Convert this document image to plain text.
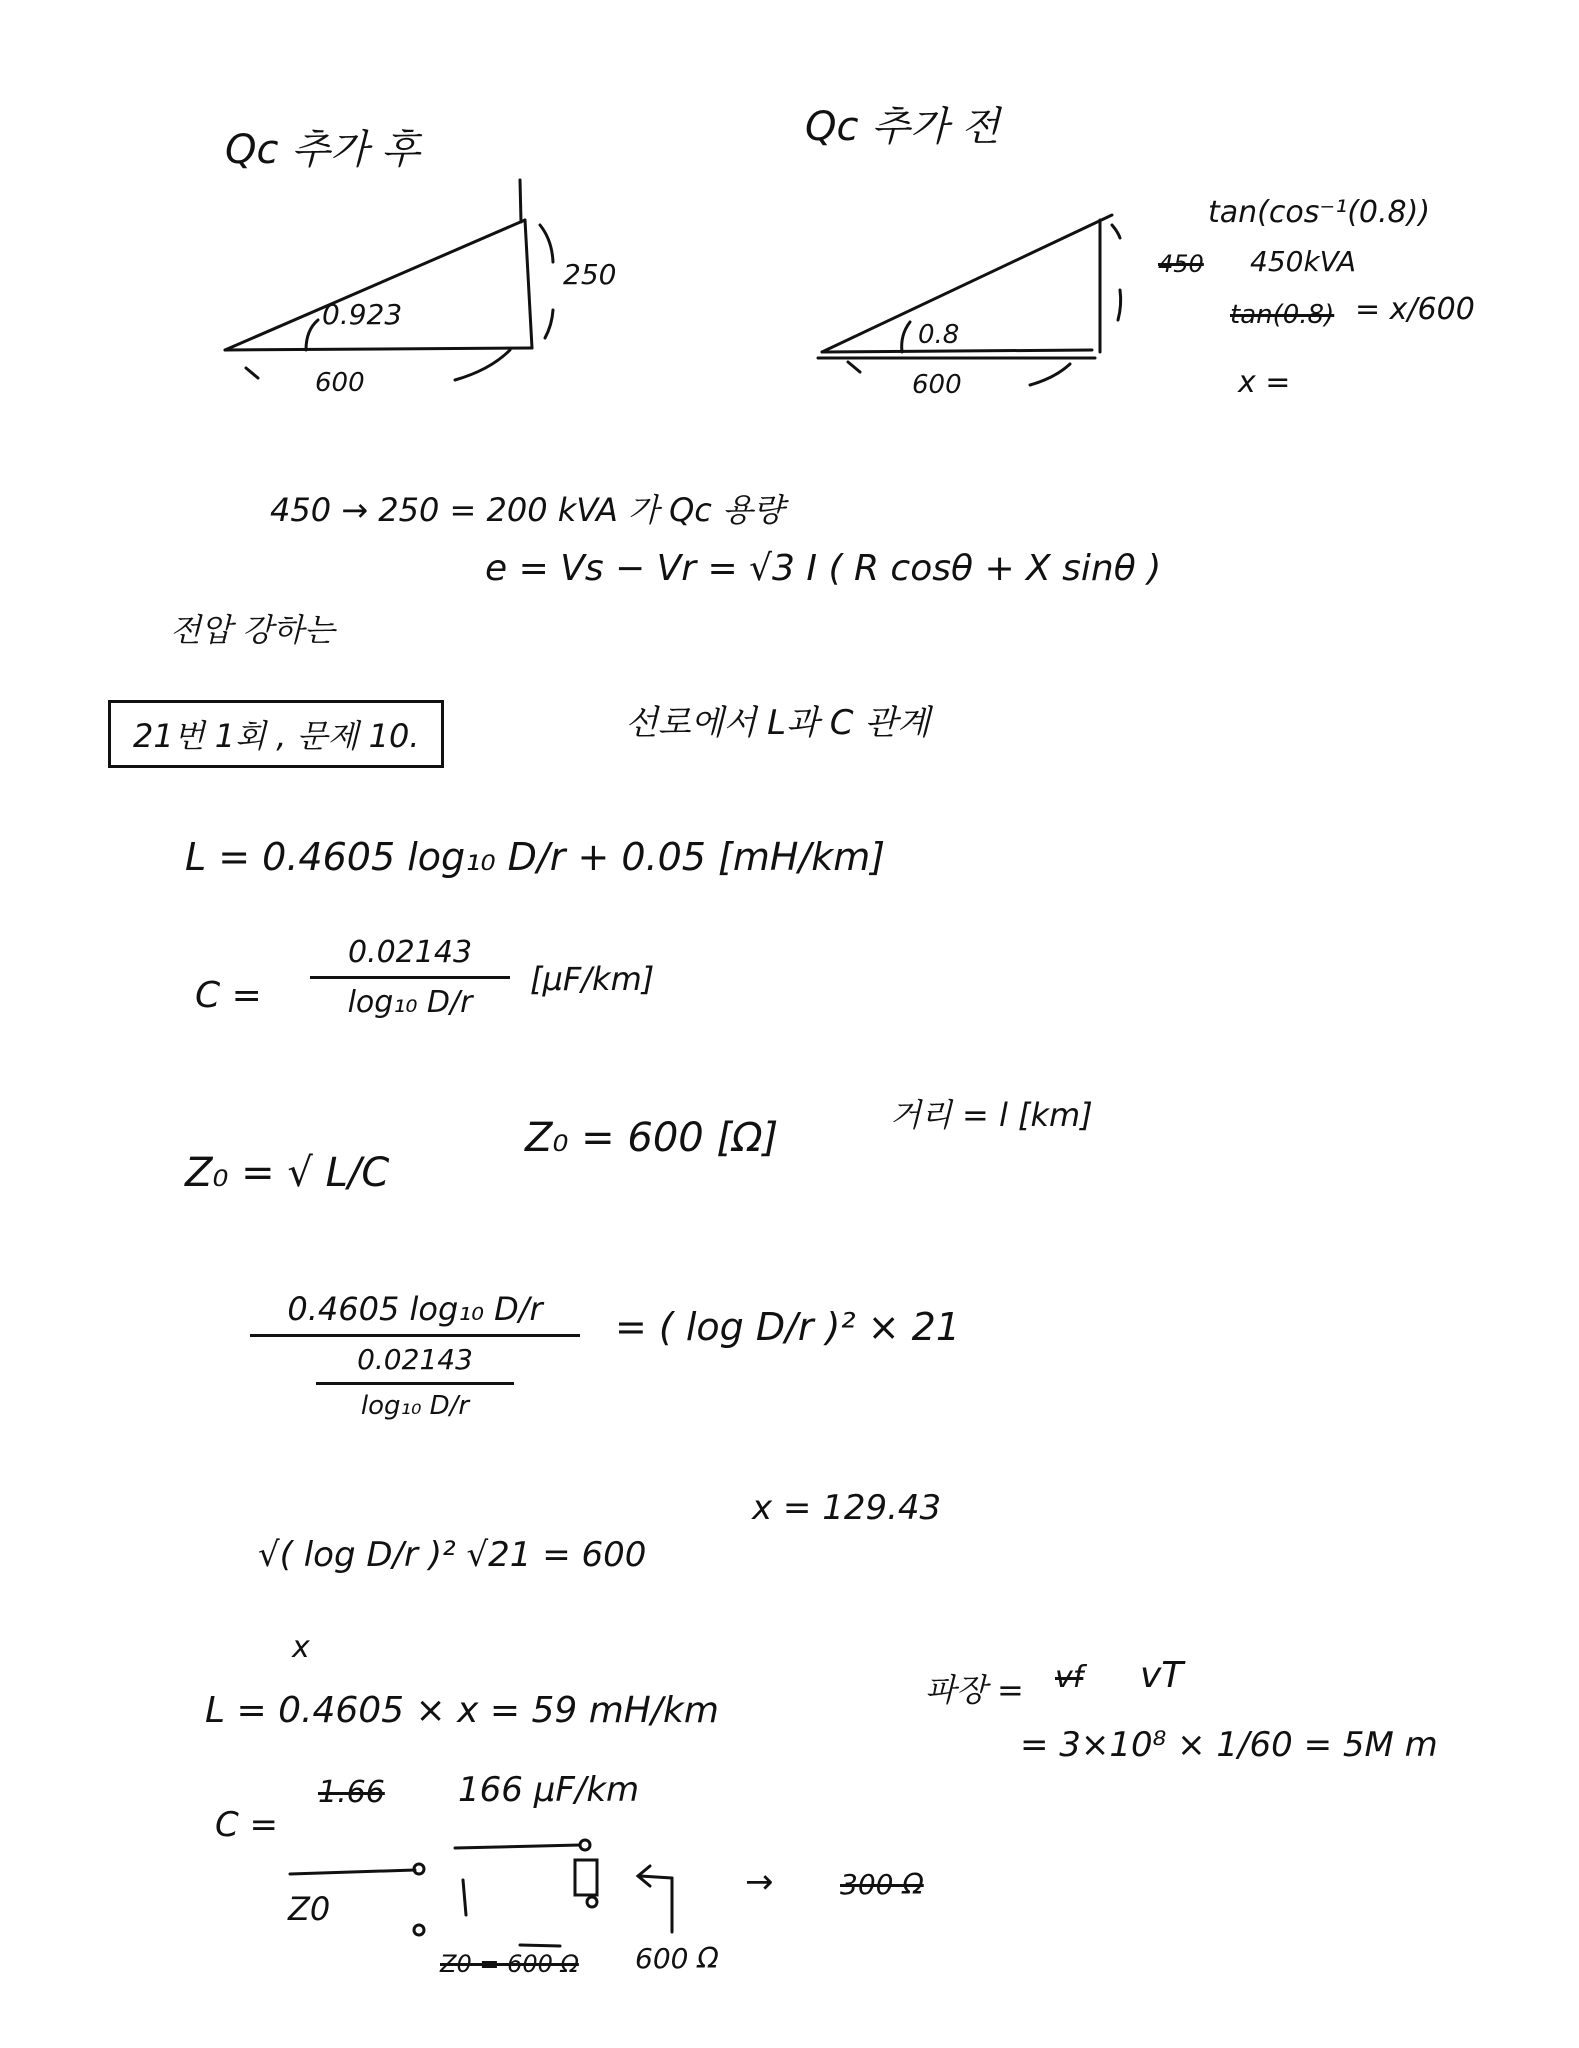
Qc 추가 후	Qc 추가 전
0.923
600
250
0.8
600
tan(cos⁻¹(0.8))
450 450kVA
tan(0.8) = x/600
x =
450 → 250 = 200 kVA 가 Qc 용량
전압 강하는
e = Vs − Vr = √3 I ( R cosθ + X sinθ )
21번 1회 , 문제 10.	선로에서 L과 C 관계
L = 0.4605 log₁₀ D/r + 0.05 [mH/km]
C =
0.02143
log₁₀ D/r
[μF/km]
Z₀ = √ L/C
Z₀ = 600 [Ω]	거리 = l [km]
0.4605 log₁₀ D/r
0.02143
log₁₀ D/r
= ( log D/r )² × 21
x = 129.43
√( log D/r )² √21 = 600
x
L = 0.4605 × x = 59 mH/km
C =
1.66 166 μF/km
파장 = vf vT
= 3×10⁸ × 1/60 = 5M m
Z0
Z0 = 600 Ω 600 Ω
→ 300 Ω
